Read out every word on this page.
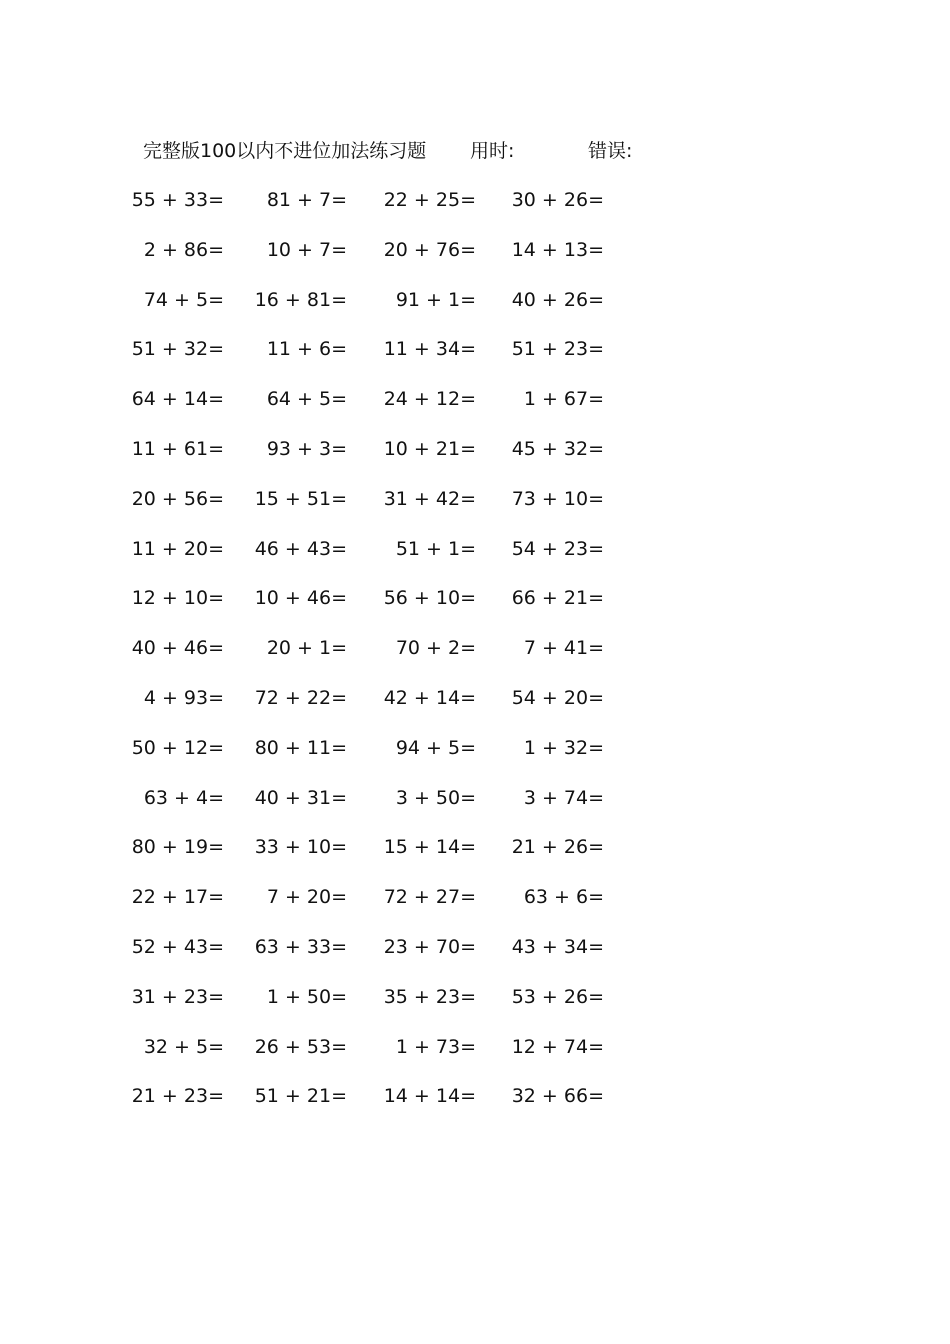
完整版100以内不进位加法练习题 用时:	错误:
55 + 33= 81 + 7= 22 + 25= 30 + 26=
2 + 86= 10 + 7= 20 + 76= 14 + 13=
74 + 5= 16 + 81=	91 + 1= 40 + 26=
51 + 32= 11 + 6= 11 + 34= 51 + 23=
64 + 14= 64 + 5= 24 + 12=	1 + 67=
11 + 61= 93 + 3= 10 + 21= 45 + 32=
20 + 56= 15 + 51= 31 + 42= 73 + 10=
11 + 20= 46 + 43=	51 + 1= 54 + 23=
12 + 10= 10 + 46= 56 + 10= 66 + 21=
40 + 46= 20 + 1=	70 + 2=	7 + 41=
4 + 93= 72 + 22= 42 + 14= 54 + 20=
50 + 12= 80 + 11=	94 + 5=	1 + 32=
63 + 4= 40 + 31=	3 + 50=	3 + 74=
80 + 19= 33 + 10= 15 + 14= 21 + 26=
22 + 17= 7 + 20= 72 + 27=	63 + 6=
52 + 43= 63 + 33= 23 + 70= 43 + 34=
31 + 23= 1 + 50= 35 + 23= 53 + 26=
32 + 5= 26 + 53=	1 + 73= 12 + 74=
21 + 23= 51 + 21= 14 + 14= 32 + 66=
